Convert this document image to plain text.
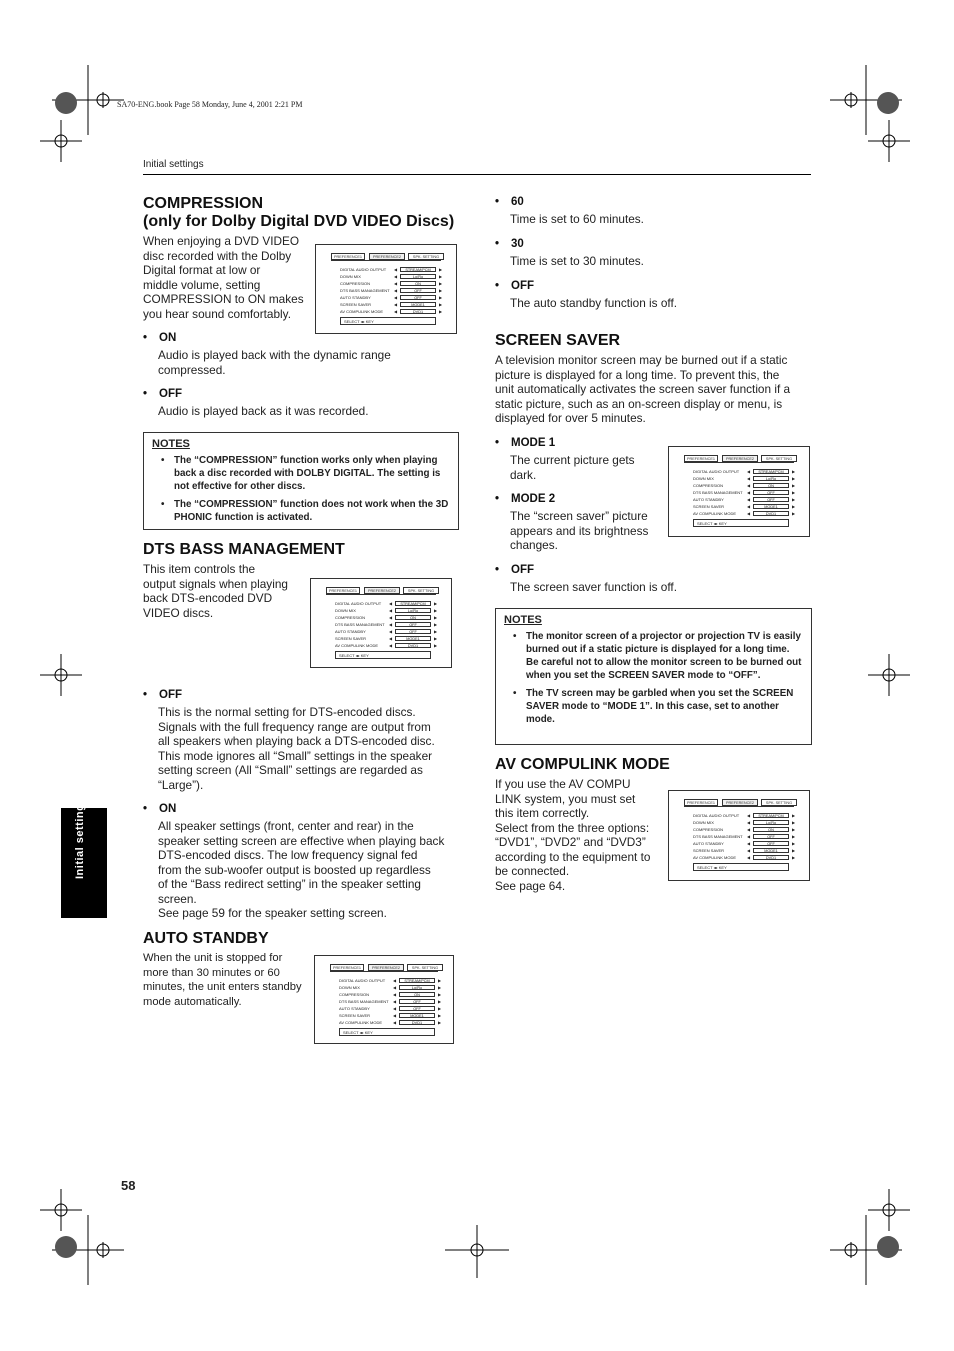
SA70-ENG.book Page 58 Monday, June 4, 2001 2:21 PM
Initial settings
Initial settings
COMPRESSION
(only for Dolby Digital DVD VIDEO Discs)
When enjoying a DVD VIDEO
disc recorded with the Dolby
Digital format at low or
middle volume, setting
COMPRESSION to ON makes
you hear sound comfortably.
PREFERENCE1	PREFERENCE2	SPK. SETTING
DIGITAL AUDIO OUTPUT ◀	STREAM/PCM	▶
DOWN MIX	◀	Lo/Ro	▶
COMPRESSION	◀	ON	▶
DTS BASS MANAGEMENT ◀	OFF	▶
AUTO STANDBY	◀	OFF	▶
SCREEN SAVER	◀	MODE1	▶
AV COMPULINK MODE	◀	DVD1	▶
SELECT ◂▸ KEY
• ON
Audio is played back with the dynamic range
compressed.
• OFF
Audio is played back as it was recorded.
NOTES
• The “COMPRESSION” function works only when playing back a disc recorded with DOLBY DIGITAL. The setting is not effective for other discs.
• The “COMPRESSION” function does not work when the 3D PHONIC function is activated.
DTS BASS MANAGEMENT
This item controls the
output signals when playing
back DTS-encoded DVD
VIDEO discs.
PREFERENCE1	PREFERENCE2	SPK. SETTING
DIGITAL AUDIO OUTPUT ◀	STREAM/PCM	▶
DOWN MIX	◀	Lo/Ro	▶
COMPRESSION	◀	ON	▶
DTS BASS MANAGEMENT ◀	OFF	▶
AUTO STANDBY	◀	OFF	▶
SCREEN SAVER	◀	MODE1	▶
AV COMPULINK MODE	◀	DVD1	▶
SELECT ◂▸ KEY
• OFF
This is the normal setting for DTS-encoded discs.
Signals with the full frequency range are output from
all speakers when playing back a DTS-encoded disc.
This mode ignores all “Small” settings in the speaker
setting screen (All “Small” settings are regarded as
“Large”).
• ON
All speaker settings (front, center and rear) in the
speaker setting screen are effective when playing back
DTS-encoded discs. The low frequency signal fed
from the sub-woofer output is boosted up regardless
of the “Bass redirect setting” in the speaker setting
screen.
See page 59 for the speaker setting screen.
AUTO STANDBY
When the unit is stopped for
more than 30 minutes or 60
minutes, the unit enters standby
mode automatically.
PREFERENCE1	PREFERENCE2	SPK. SETTING
DIGITAL AUDIO OUTPUT ◀	STREAM/PCM	▶
DOWN MIX	◀	Lo/Ro	▶
COMPRESSION	◀	ON	▶
DTS BASS MANAGEMENT ◀	OFF	▶
AUTO STANDBY	◀	OFF	▶
SCREEN SAVER	◀	MODE1	▶
AV COMPULINK MODE	◀	DVD1	▶
SELECT ◂▸ KEY
58
• 60
Time is set to 60 minutes.
• 30
Time is set to 30 minutes.
• OFF
The auto standby function is off.
SCREEN SAVER
A television monitor screen may be burned out if a static
picture is displayed for a long time. To prevent this, the
unit automatically activates the screen saver function if a
static picture, such as an on-screen display or menu, is
displayed for over 5 minutes.
• MODE 1
The current picture gets
dark.
PREFERENCE1	PREFERENCE2	SPK. SETTING
DIGITAL AUDIO OUTPUT ◀	STREAM/PCM	▶
DOWN MIX	◀	Lo/Ro	▶
COMPRESSION	◀	ON	▶
DTS BASS MANAGEMENT ◀	OFF	▶
AUTO STANDBY	◀	OFF	▶
SCREEN SAVER	◀	MODE1	▶
AV COMPULINK MODE	◀	DVD1	▶
SELECT ◂▸ KEY
• MODE 2
The “screen saver” picture
appears and its brightness
changes.
• OFF
The screen saver function is off.
NOTES
• The monitor screen of a projector or projection TV is easily burned out if a static picture is displayed for a long time. Be careful not to allow the monitor screen to be burned out when you set the SCREEN SAVER mode to “OFF”.
• The TV screen may be garbled when you set the SCREEN SAVER mode to “MODE 1”. In this case, set to another mode.
AV COMPULINK MODE
If you use the AV COMPU
LINK system, you must set
this item correctly.
Select from the three options:
“DVD1”, “DVD2” and “DVD3”
according to the equipment to
be connected.
See page 64.
PREFERENCE1	PREFERENCE2	SPK. SETTING
DIGITAL AUDIO OUTPUT ◀	STREAM/PCM	▶
DOWN MIX	◀	Lo/Ro	▶
COMPRESSION	◀	ON	▶
DTS BASS MANAGEMENT ◀	OFF	▶
AUTO STANDBY	◀	OFF	▶
SCREEN SAVER	◀	MODE1	▶
AV COMPULINK MODE	◀	DVD1	▶
SELECT ◂▸ KEY
